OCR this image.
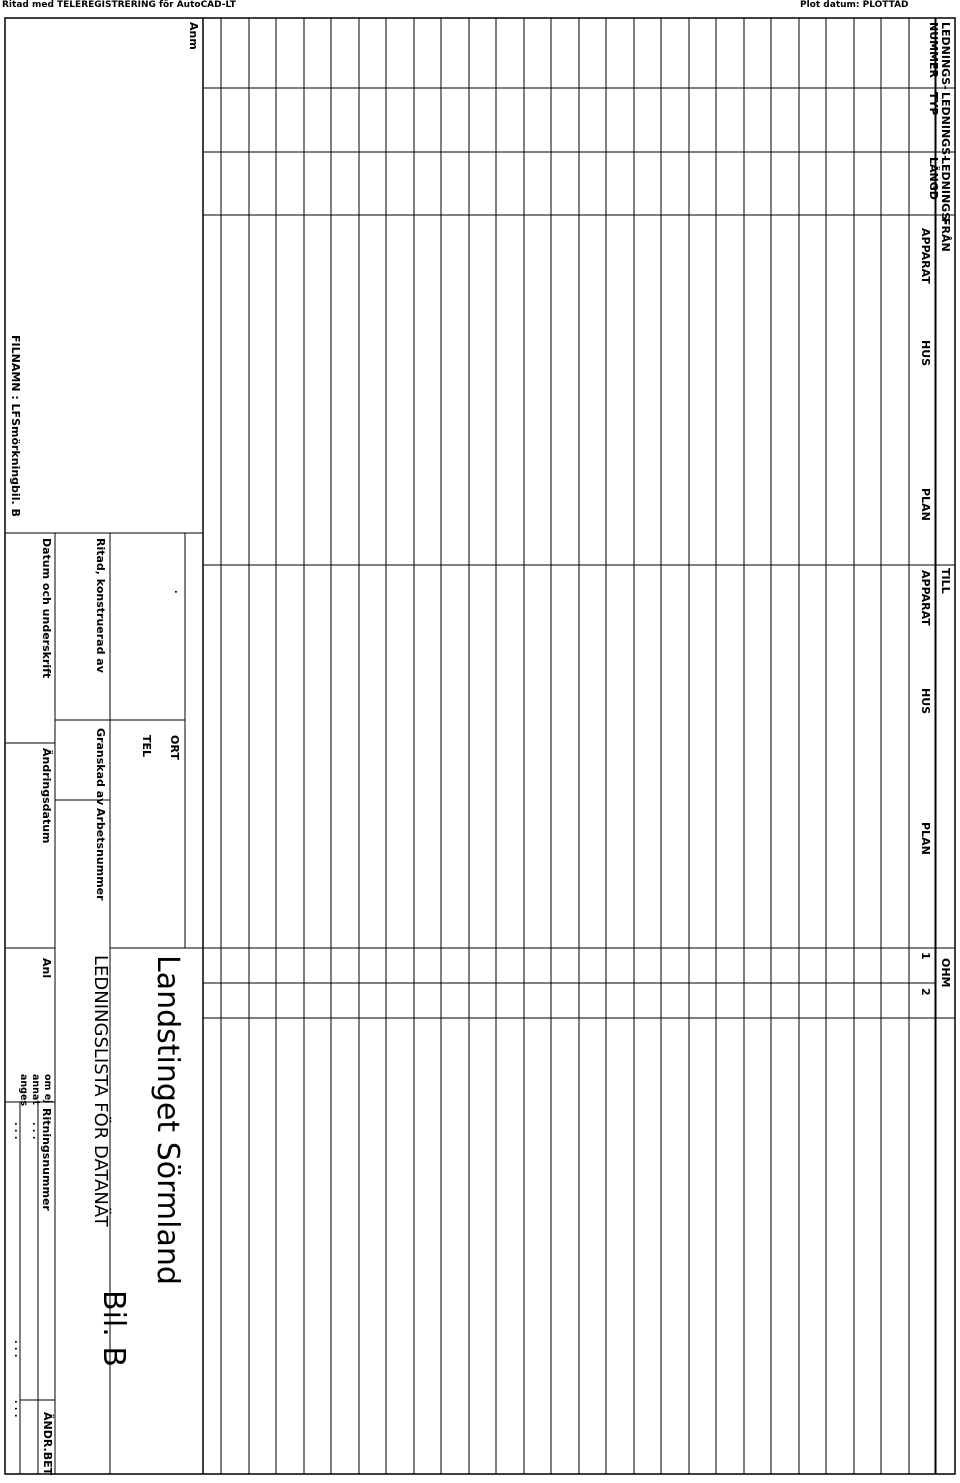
Ritad med TELEREGISTRERING för AutoCAD-LT	Plot datum: PLOTTAD
LEDNINGS-
NUMMER
LEDNINGS-
TYP
LEDNINGS-
LÄNGD
FRÅN
TILL
OHM
APPARAT
HUS
PLAN
APPARAT
HUS
PLAN
1
2
Anm
FILNAMN : LFSmörkningbil. B
.
ORT
TEL
Ritad, konstruerad av
Granskad av
Arbetsnummer
Datum och underskrift
Ändringsdatum
Anl
om ej
annat
anges
Ritningsnummer
. . .
. . .
. . .
. . .
ÄNDR.BET
Landstinget Sörmland
LEDNINGSLISTA FÖR DATANÄT
Bil. B
